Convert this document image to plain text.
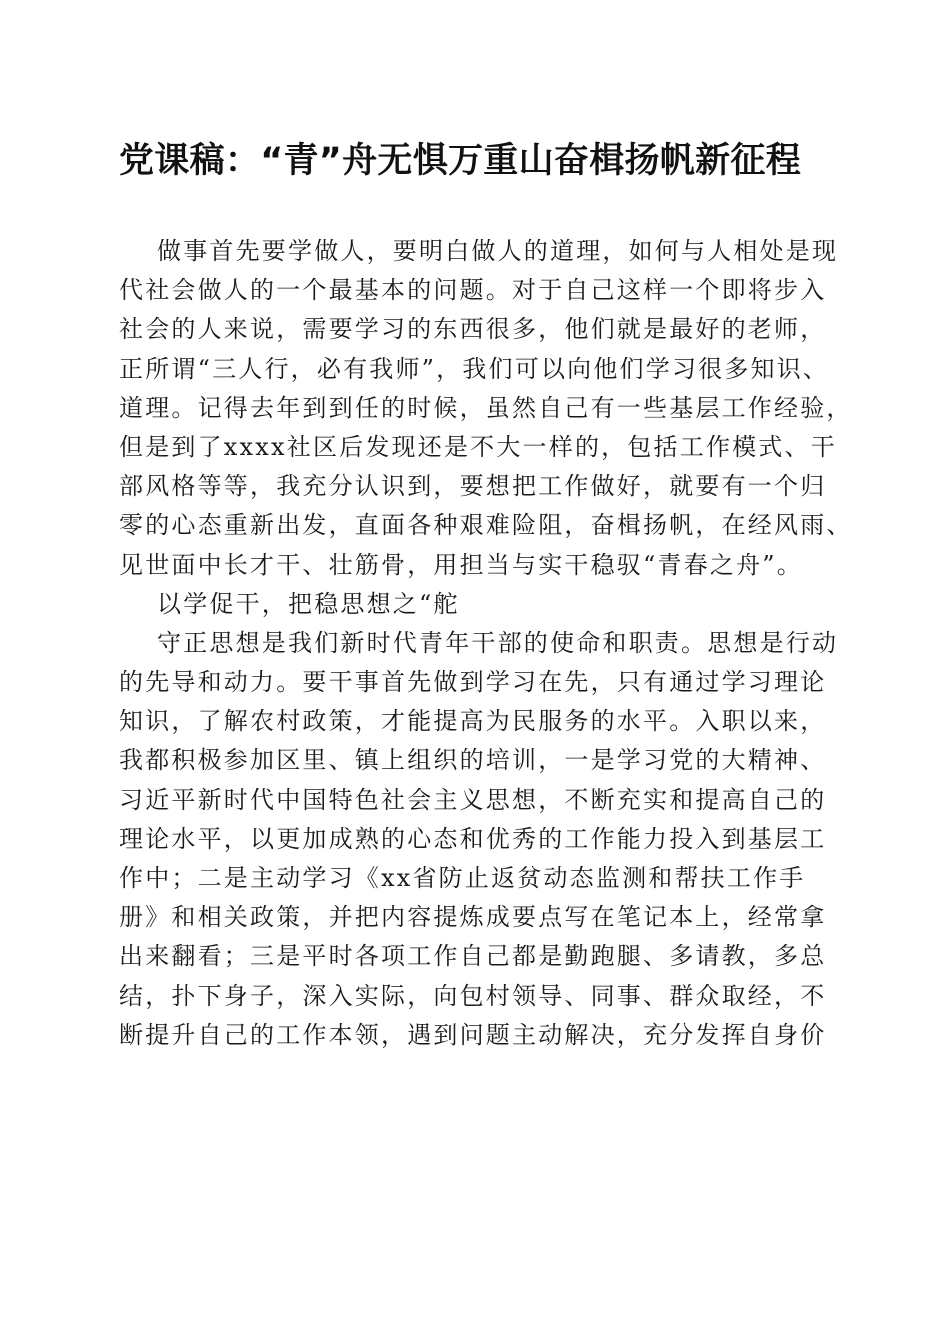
党课稿：“青”舟无惧万重山奋楫扬帆新征程
做事首先要学做人，要明白做人的道理，如何与人相处是现
代社会做人的一个最基本的问题。对于自己这样一个即将步入
社会的人来说，需要学习的东西很多，他们就是最好的老师，
正所谓“三人行，必有我师”，我们可以向他们学习很多知识、
道理。记得去年到到任的时候，虽然自己有一些基层工作经验，
但是到了xxxx社区后发现还是不大一样的，包括工作模式、干
部风格等等，我充分认识到，要想把工作做好，就要有一个归
零的心态重新出发，直面各种艰难险阻，奋楫扬帆，在经风雨、
见世面中长才干、壮筋骨，用担当与实干稳驭“青春之舟”。
以学促干，把稳思想之“舵
守正思想是我们新时代青年干部的使命和职责。思想是行动
的先导和动力。要干事首先做到学习在先，只有通过学习理论
知识，了解农村政策，才能提高为民服务的水平。入职以来，
我都积极参加区里、镇上组织的培训，一是学习党的大精神、
习近平新时代中国特色社会主义思想，不断充实和提高自己的
理论水平，以更加成熟的心态和优秀的工作能力投入到基层工
作中；二是主动学习《xx省防止返贫动态监测和帮扶工作手
册》和相关政策，并把内容提炼成要点写在笔记本上，经常拿
出来翻看；三是平时各项工作自己都是勤跑腿、多请教，多总
结，扑下身子，深入实际，向包村领导、同事、群众取经，不
断提升自己的工作本领，遇到问题主动解决，充分发挥自身价
